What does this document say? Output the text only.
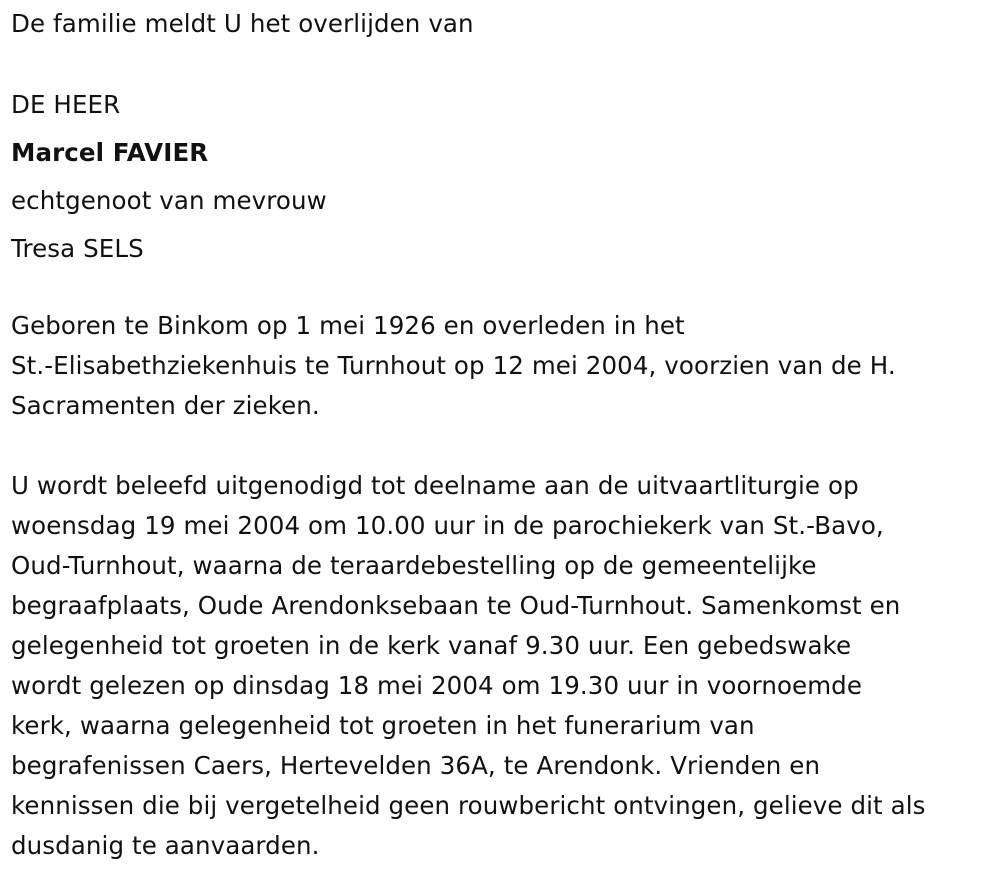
De familie meldt U het overlijden van
DE HEER
Marcel FAVIER
echtgenoot van mevrouw
Tresa SELS
Geboren te Binkom op 1 mei 1926 en overleden in het
St.-Elisabethziekenhuis te Turnhout op 12 mei 2004, voorzien van de H.
Sacramenten der zieken.
U wordt beleefd uitgenodigd tot deelname aan de uitvaartliturgie op
woensdag 19 mei 2004 om 10.00 uur in de parochiekerk van St.-Bavo,
Oud-Turnhout, waarna de teraardebestelling op de gemeentelijke
begraafplaats, Oude Arendonksebaan te Oud-Turnhout. Samenkomst en
gelegenheid tot groeten in de kerk vanaf 9.30 uur. Een gebedswake
wordt gelezen op dinsdag 18 mei 2004 om 19.30 uur in voornoemde
kerk, waarna gelegenheid tot groeten in het funerarium van
begrafenissen Caers, Hertevelden 36A, te Arendonk. Vrienden en
kennissen die bij vergetelheid geen rouwbericht ontvingen, gelieve dit als
dusdanig te aanvaarden.
